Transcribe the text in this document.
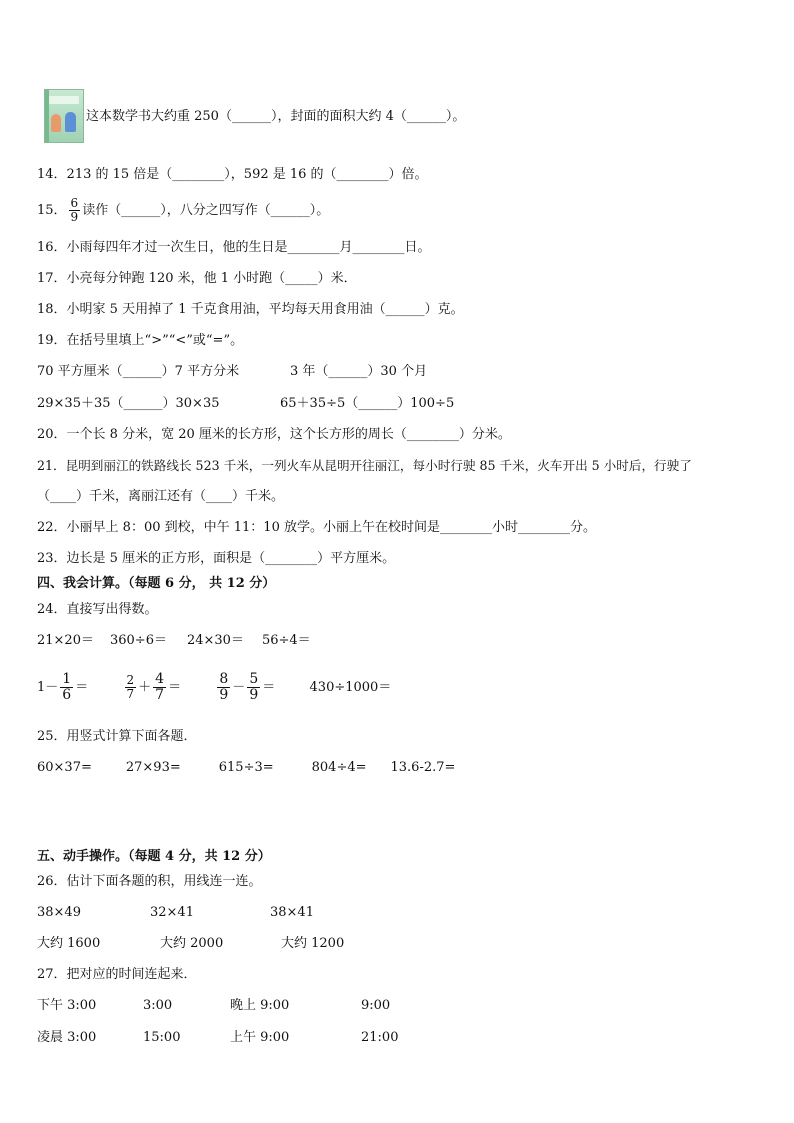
这本数学书大约重 250（______），封面的面积大约 4（______）。
14．213 的 15 倍是（________），592 是 16 的（________）倍。
15． $\frac{6}{9}$ 读作（______），八分之四写作（______）。
16．小雨每四年才过一次生日，他的生日是________月________日。
17．小亮每分钟跑 120 米，他 1 小时跑（_____）米．
18．小明家 5 天用掉了 1 千克食用油，平均每天用食用油（______）克。
19．在括号里填上“>”“<”或“=”。
70 平方厘米（______）7 平方分米	3 年（______）30 个月
29×35＋35（______）30×35	65＋35÷5（______）100÷5
20．一个长 8 分米，宽 20 厘米的长方形，这个长方形的周长（________）分米。
21．昆明到丽江的铁路线长 523 千米，一列火车从昆明开往丽江，每小时行驶 85 千米，火车开出 5 小时后，行驶了
（____）千米，离丽江还有（____）千米。
22．小丽早上 8：00 到校，中午 11：10 放学。小丽上午在校时间是________小时________分。
23．边长是 5 厘米的正方形，面积是（________）平方厘米。
四、我会计算。（每题 6 分， 共 12 分）
24．直接写出得数。
21×20＝ 360÷6＝ 24×30＝ 56÷4＝
$1- \frac{1}{6}$ ＝	$\frac{2}{7} + \frac{4}{7}$ ＝	$\frac{8}{9} - \frac{5}{9}$ ＝	430÷1000＝
25．用竖式计算下面各题．
60×37=	27×93=	615÷3=	804÷4= 13.6-2.7=
五、动手操作。（每题 4 分，共 12 分）
26．估计下面各题的积，用线连一连。
38×49	32×41	38×41
大约 1600	大约 2000	大约 1200
27．把对应的时间连起来．
下午 3:00	3:00	晚上 9:00	9:00
凌晨 3:00	15:00	上午 9:00	21:00
